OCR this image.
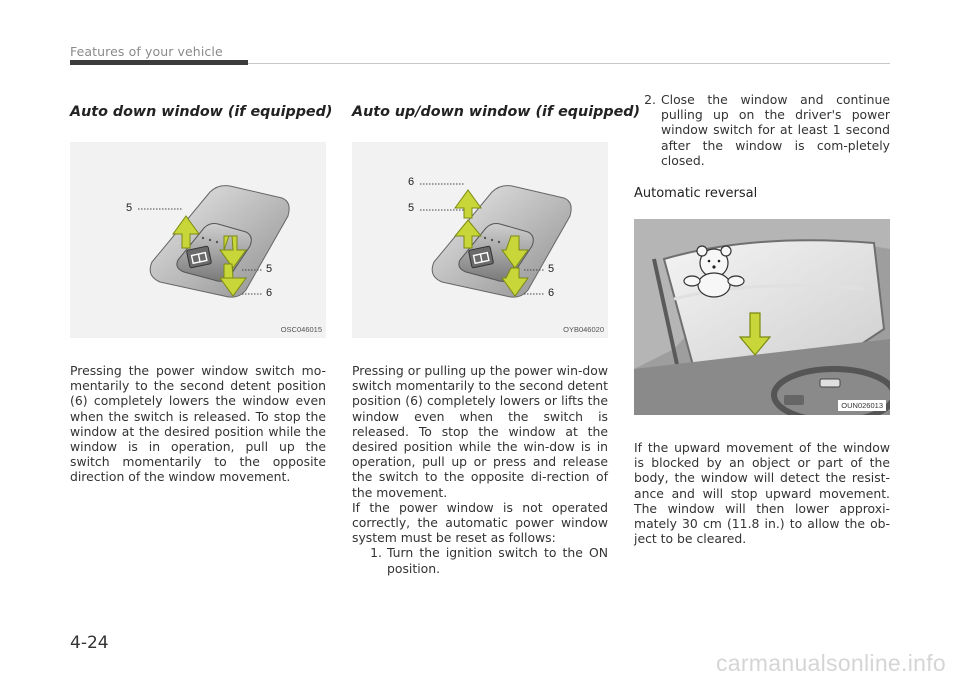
Features of your vehicle
Auto down window (if equipped)
5
5
6
OSC046015

Pressing the power window switch mo-mentarily to the second detent position (6) completely lowers the window even when the switch is released. To stop the window at the desired position while the window is in operation, pull up the switch momentarily to the opposite direction of the window movement.

Auto up/down window (if equipped)
6
5
5
6
OYB046020

Pressing or pulling up the power win-dow switch momentarily to the second detent position (6) completely lowers or lifts the window even when the switch is released. To stop the window at the desired position while the win-dow is in operation, pull up or press and release the switch to the opposite di-rection of the movement.

If the power window is not operated correctly, the automatic power window system must be reset as follows:

1. Turn the ignition switch to the ON position.
2. Close the window and continue pulling up on the driver's power window switch for at least 1 second after the window is com-pletely closed.
Automatic reversal
OUN026013

If the upward movement of the window is blocked by an object or part of the body, the window will detect the resist-ance and will stop upward movement. The window will then lower approxi-mately 30 cm (11.8 in.) to allow the ob-ject to be cleared.

4-24
carmanualsonline.info
